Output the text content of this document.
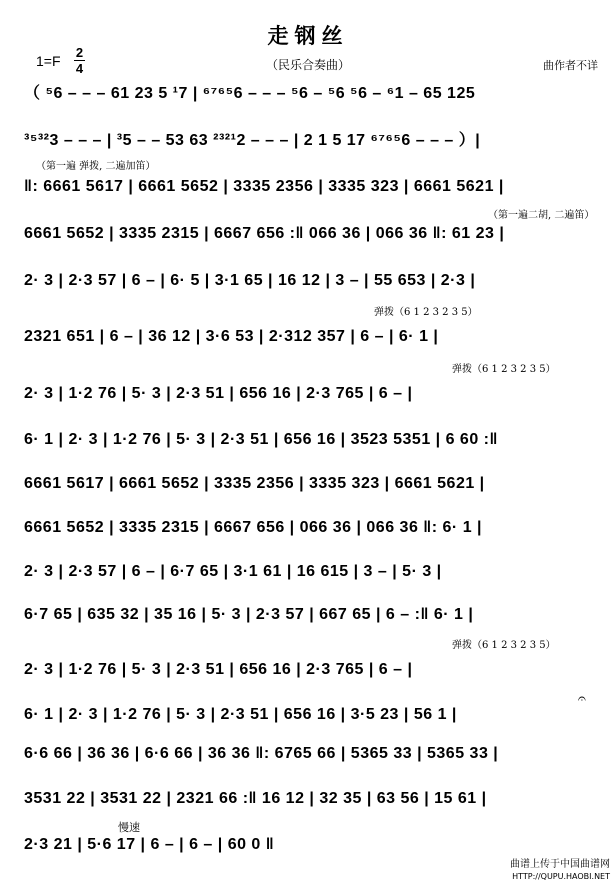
走钢丝
1=F
2
4	（民乐合奏曲）	曲作者不详
（ ⁵6 – – – 61 23 5 ¹7 | ⁶⁷⁶⁵6 – – – ⁵6 – ⁵6 ⁵6 – ⁶1 – 65 125
³⁵³²3 – – – | ³5 – – 53 63 ²³²¹2 – – – | 2 1 5 17 ⁶⁷⁶⁵6 – – – ）|
（第一遍 弹拨, 二遍加笛）
‖: 6661 5617 | 6661 5652 | 3335 2356 | 3335 323 | 6661 5621 |
（第一遍二胡, 二遍笛）
6661 5652 | 3335 2315 | 6667 656 :‖ 066 36 | 066 36 ‖: 61 23 |
2· 3 | 2·3 57 | 6 – | 6· 5 | 3·1 65 | 16 12 | 3 – | 55 653 | 2·3 |
弹拨（6 1 2 3 2 3 5）
2321 651 | 6 – | 36 12 | 3·6 53 | 2·312 357 | 6 – | 6· 1 |
弹拨（6 1 2 3 2 3 5）
2· 3 | 1·2 76 | 5· 3 | 2·3 51 | 656 16 | 2·3 765 | 6 – |
6· 1 | 2· 3 | 1·2 76 | 5· 3 | 2·3 51 | 656 16 | 3523 5351 | 6 60 :‖
6661 5617 | 6661 5652 | 3335 2356 | 3335 323 | 6661 5621 |
6661 5652 | 3335 2315 | 6667 656 | 066 36 | 066 36 ‖: 6· 1 |
2· 3 | 2·3 57 | 6 – | 6·7 65 | 3·1 61 | 16 615 | 3 – | 5· 3 |
6·7 65 | 635 32 | 35 16 | 5· 3 | 2·3 57 | 667 65 | 6 – :‖ 6· 1 |
弹拨（6 1 2 3 2 3 5）
2· 3 | 1·2 76 | 5· 3 | 2·3 51 | 656 16 | 2·3 765 | 6 – |
𝄐
6· 1 | 2· 3 | 1·2 76 | 5· 3 | 2·3 51 | 656 16 | 3·5 23 | 56 1 |
6·6 66 | 36 36 | 6·6 66 | 36 36 ‖: 6765 66 | 5365 33 | 5365 33 |
3531 22 | 3531 22 | 2321 66 :‖ 16 12 | 32 35 | 63 56 | 15 61 |
慢速
2·3 21 | 5·6 17 | 6 – | 6 – | 60 0 ‖
曲谱上传于中国曲谱网
HTTP://QUPU.HAOBI.NET
